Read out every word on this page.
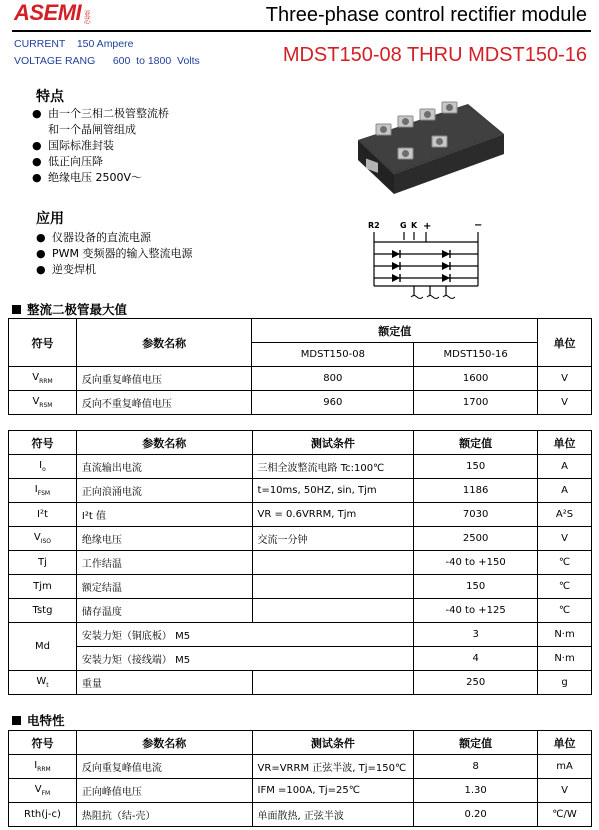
ASEMI 亚芯	Three-phase control rectifier module
CURRENT 150 Ampere
VOLTAGE RANG 600  to 1800  Volts	MDST150-08 THRU MDST150-16
特点
● 由一个三相二极管整流桥
和一个晶闸管组成
● 国际标准封装
● 低正向压降
● 绝缘电压 2500V～
应用
● 仪器设备的直流电源
● PWM 变频器的输入整流电源
● 逆变焊机
R2	G K +	−
整流二极管最大值
符号	参数名称	额定值		单位
		MDST150-08	MDST150-16	
$V_{RRM}$	反向重复峰值电压	800	1600	V
$V_{RSM}$	反向不重复峰值电压	960	1700	V
符号	参数名称	测试条件	额定值	单位
$I_o$	直流输出电流	三相全波整流电路 Tc:100℃	150	A
$I_{FSM}$	正向浪涌电流	t=10ms, 50HZ, sin, Tjm	1186	A
I²t	I²t 值	VR = 0.6VRRM, Tjm	7030	A²S
$V_{ISO}$	绝缘电压	交流一分钟	2500	V
Tj	工作结温		-40 to +150	℃
Tjm	额定结温		150	℃
Tstg	储存温度		-40 to +125	℃
Md	安装力矩（铜底板） M5		3	N·m
	安装力矩（接线端） M5		4	N·m
$W_t$	重量		250	g
电特性
符号	参数名称	测试条件	额定值	单位
$I_{RRM}$	反向重复峰值电流	VR=VRRM 正弦半波, Tj=150℃	8	mA
$V_{FM}$	正向峰值电压	IFM =100A, Tj=25℃	1.30	V
Rth(j-c)	热阻抗（结-壳）	单面散热, 正弦半波	0.20	℃/W
